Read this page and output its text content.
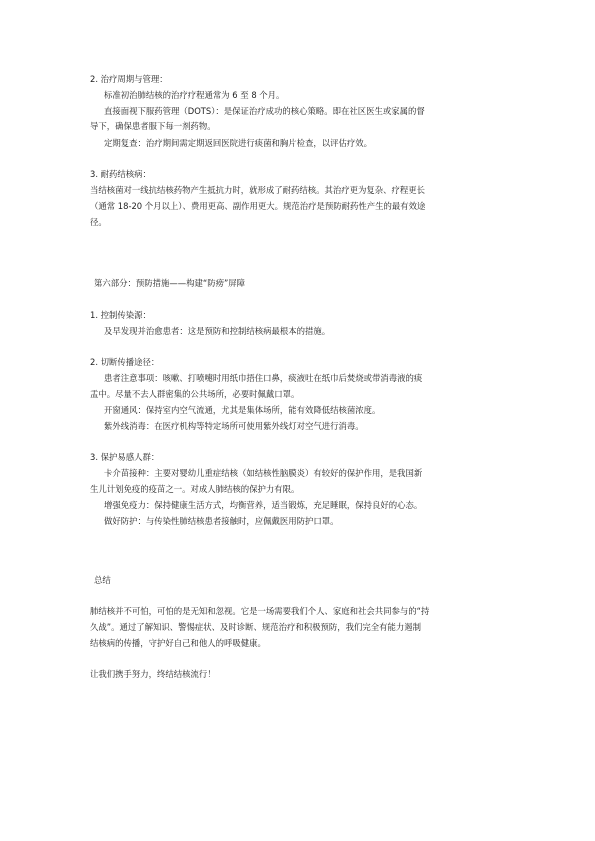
2. 治疗周期与管理：
标准初治肺结核的治疗疗程通常为 6 至 8 个月。
直接面视下服药管理（DOTS）：是保证治疗成功的核心策略。即在社区医生或家属的督
导下，确保患者服下每一剂药物。
定期复查：治疗期间需定期返回医院进行痰菌和胸片检查，以评估疗效。
3. 耐药结核病：
当结核菌对一线抗结核药物产生抵抗力时，就形成了耐药结核。其治疗更为复杂、疗程更长
（通常 18-20 个月以上）、费用更高、副作用更大。规范治疗是预防耐药性产生的最有效途
径。
第六部分：预防措施——构建“防痨”屏障
1. 控制传染源：
及早发现并治愈患者：这是预防和控制结核病最根本的措施。
2. 切断传播途径：
患者注意事项：咳嗽、打喷嚏时用纸巾捂住口鼻，痰液吐在纸巾后焚烧或带消毒液的痰
盂中。尽量不去人群密集的公共场所，必要时佩戴口罩。
开窗通风：保持室内空气流通，尤其是集体场所，能有效降低结核菌浓度。
紫外线消毒：在医疗机构等特定场所可使用紫外线灯对空气进行消毒。
3. 保护易感人群：
卡介苗接种：主要对婴幼儿重症结核（如结核性脑膜炎）有较好的保护作用，是我国新
生儿计划免疫的疫苗之一。对成人肺结核的保护力有限。
增强免疫力：保持健康生活方式，均衡营养，适当锻炼，充足睡眠，保持良好的心态。
做好防护：与传染性肺结核患者接触时，应佩戴医用防护口罩。
总结
肺结核并不可怕，可怕的是无知和忽视。它是一场需要我们个人、家庭和社会共同参与的“持
久战”。通过了解知识、警惕症状、及时诊断、规范治疗和积极预防，我们完全有能力遏制
结核病的传播，守护好自己和他人的呼吸健康。
让我们携手努力，终结结核流行！
